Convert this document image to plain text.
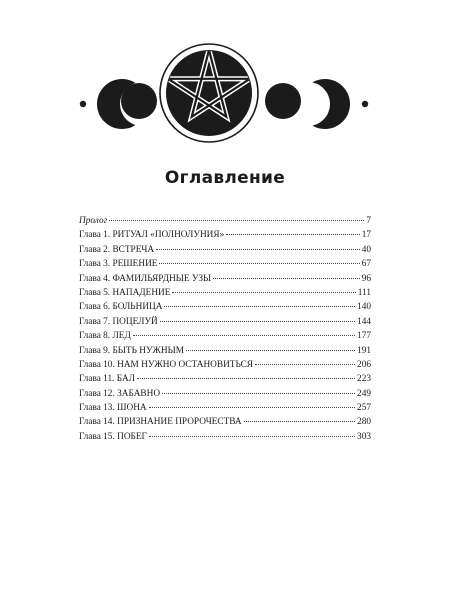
Оглавление
Пролог	7
Глава 1. РИТУАЛ «ПОЛНОЛУНИЯ»	17
Глава 2. ВСТРЕЧА	40
Глава 3. РЕШЕНИЕ	67
Глава 4. ФАМИЛЬЯРДНЫЕ УЗЫ	96
Глава 5. НАПАДЕНИЕ	111
Глава 6. БОЛЬНИЦА	140
Глава 7. ПОЦЕЛУЙ	144
Глава 8. ЛЕД	177
Глава 9. БЫТЬ НУЖНЫМ	191
Глава 10. НАМ НУЖНО ОСТАНОВИТЬСЯ	206
Глава 11. БАЛ	223
Глава 12. ЗАБАВНО	249
Глава 13. ШОНА	257
Глава 14. ПРИЗНАНИЕ ПРОРОЧЕСТВА	280
Глава 15. ПОБЕГ	303
